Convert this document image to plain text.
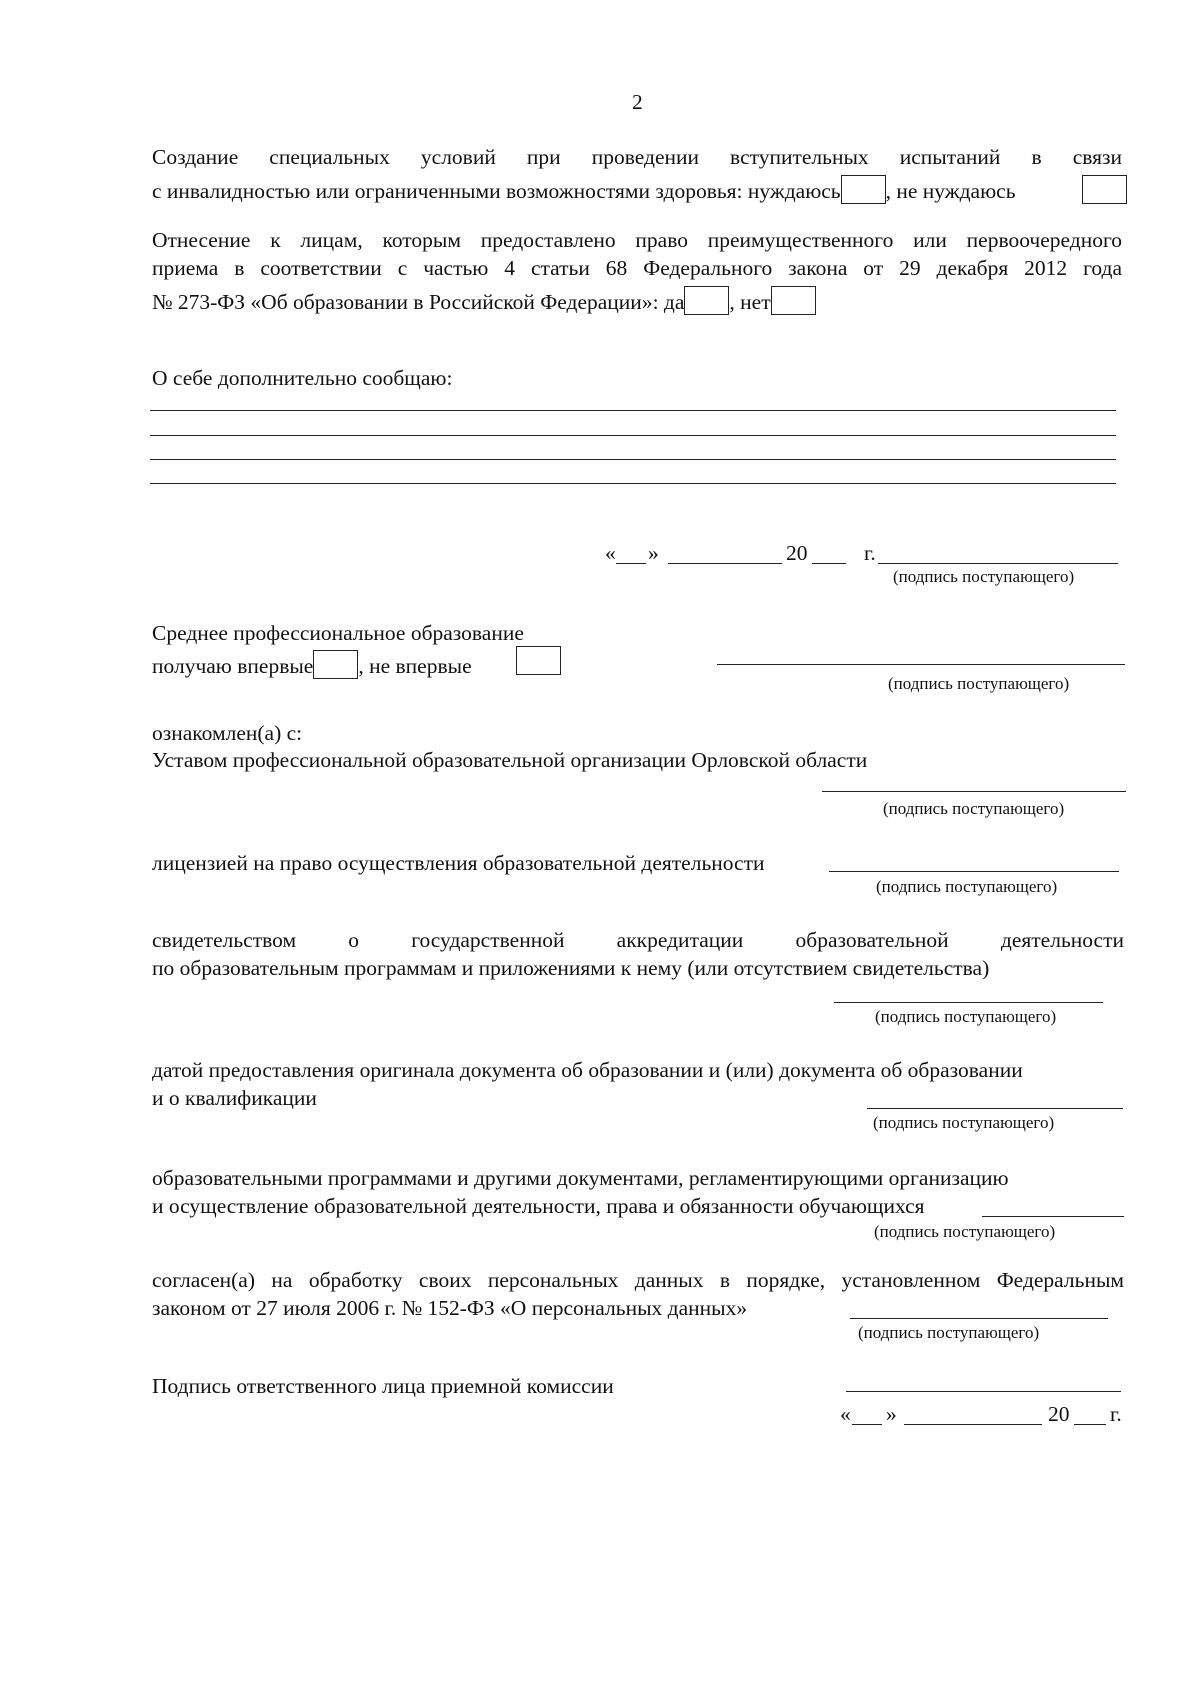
2
Создание специальных условий при проведении вступительных испытаний в связи
с инвалидностью или ограниченными возможностями здоровья: нуждаюсь , не нуждаюсь
Отнесение к лицам, которым предоставлено право преимущественного или первоочередного
приема в соответствии с частью 4 статьи 68 Федерального закона от 29 декабря 2012 года
№ 273-ФЗ «Об образовании в Российской Федерации»: да , нет
О себе дополнительно сообщаю:
« »	20	г.
(подпись поступающего)
Среднее профессиональное образование
получаю впервые , не впервые
(подпись поступающего)
ознакомлен(а) с:
Уставом профессиональной образовательной организации Орловской области
(подпись поступающего)
лицензией на право осуществления образовательной деятельности
(подпись поступающего)
свидетельством о государственной аккредитации образовательной деятельности
по образовательным программам и приложениями к нему (или отсутствием свидетельства)
(подпись поступающего)
датой предоставления оригинала документа об образовании и (или) документа об образовании
и о квалификации
(подпись поступающего)
образовательными программами и другими документами, регламентирующими организацию
и осуществление образовательной деятельности, права и обязанности обучающихся
(подпись поступающего)
согласен(а) на обработку своих персональных данных в порядке, установленном Федеральным
законом от 27 июля 2006 г. № 152-ФЗ «О персональных данных»
(подпись поступающего)
Подпись ответственного лица приемной комиссии
« »	20 г.
